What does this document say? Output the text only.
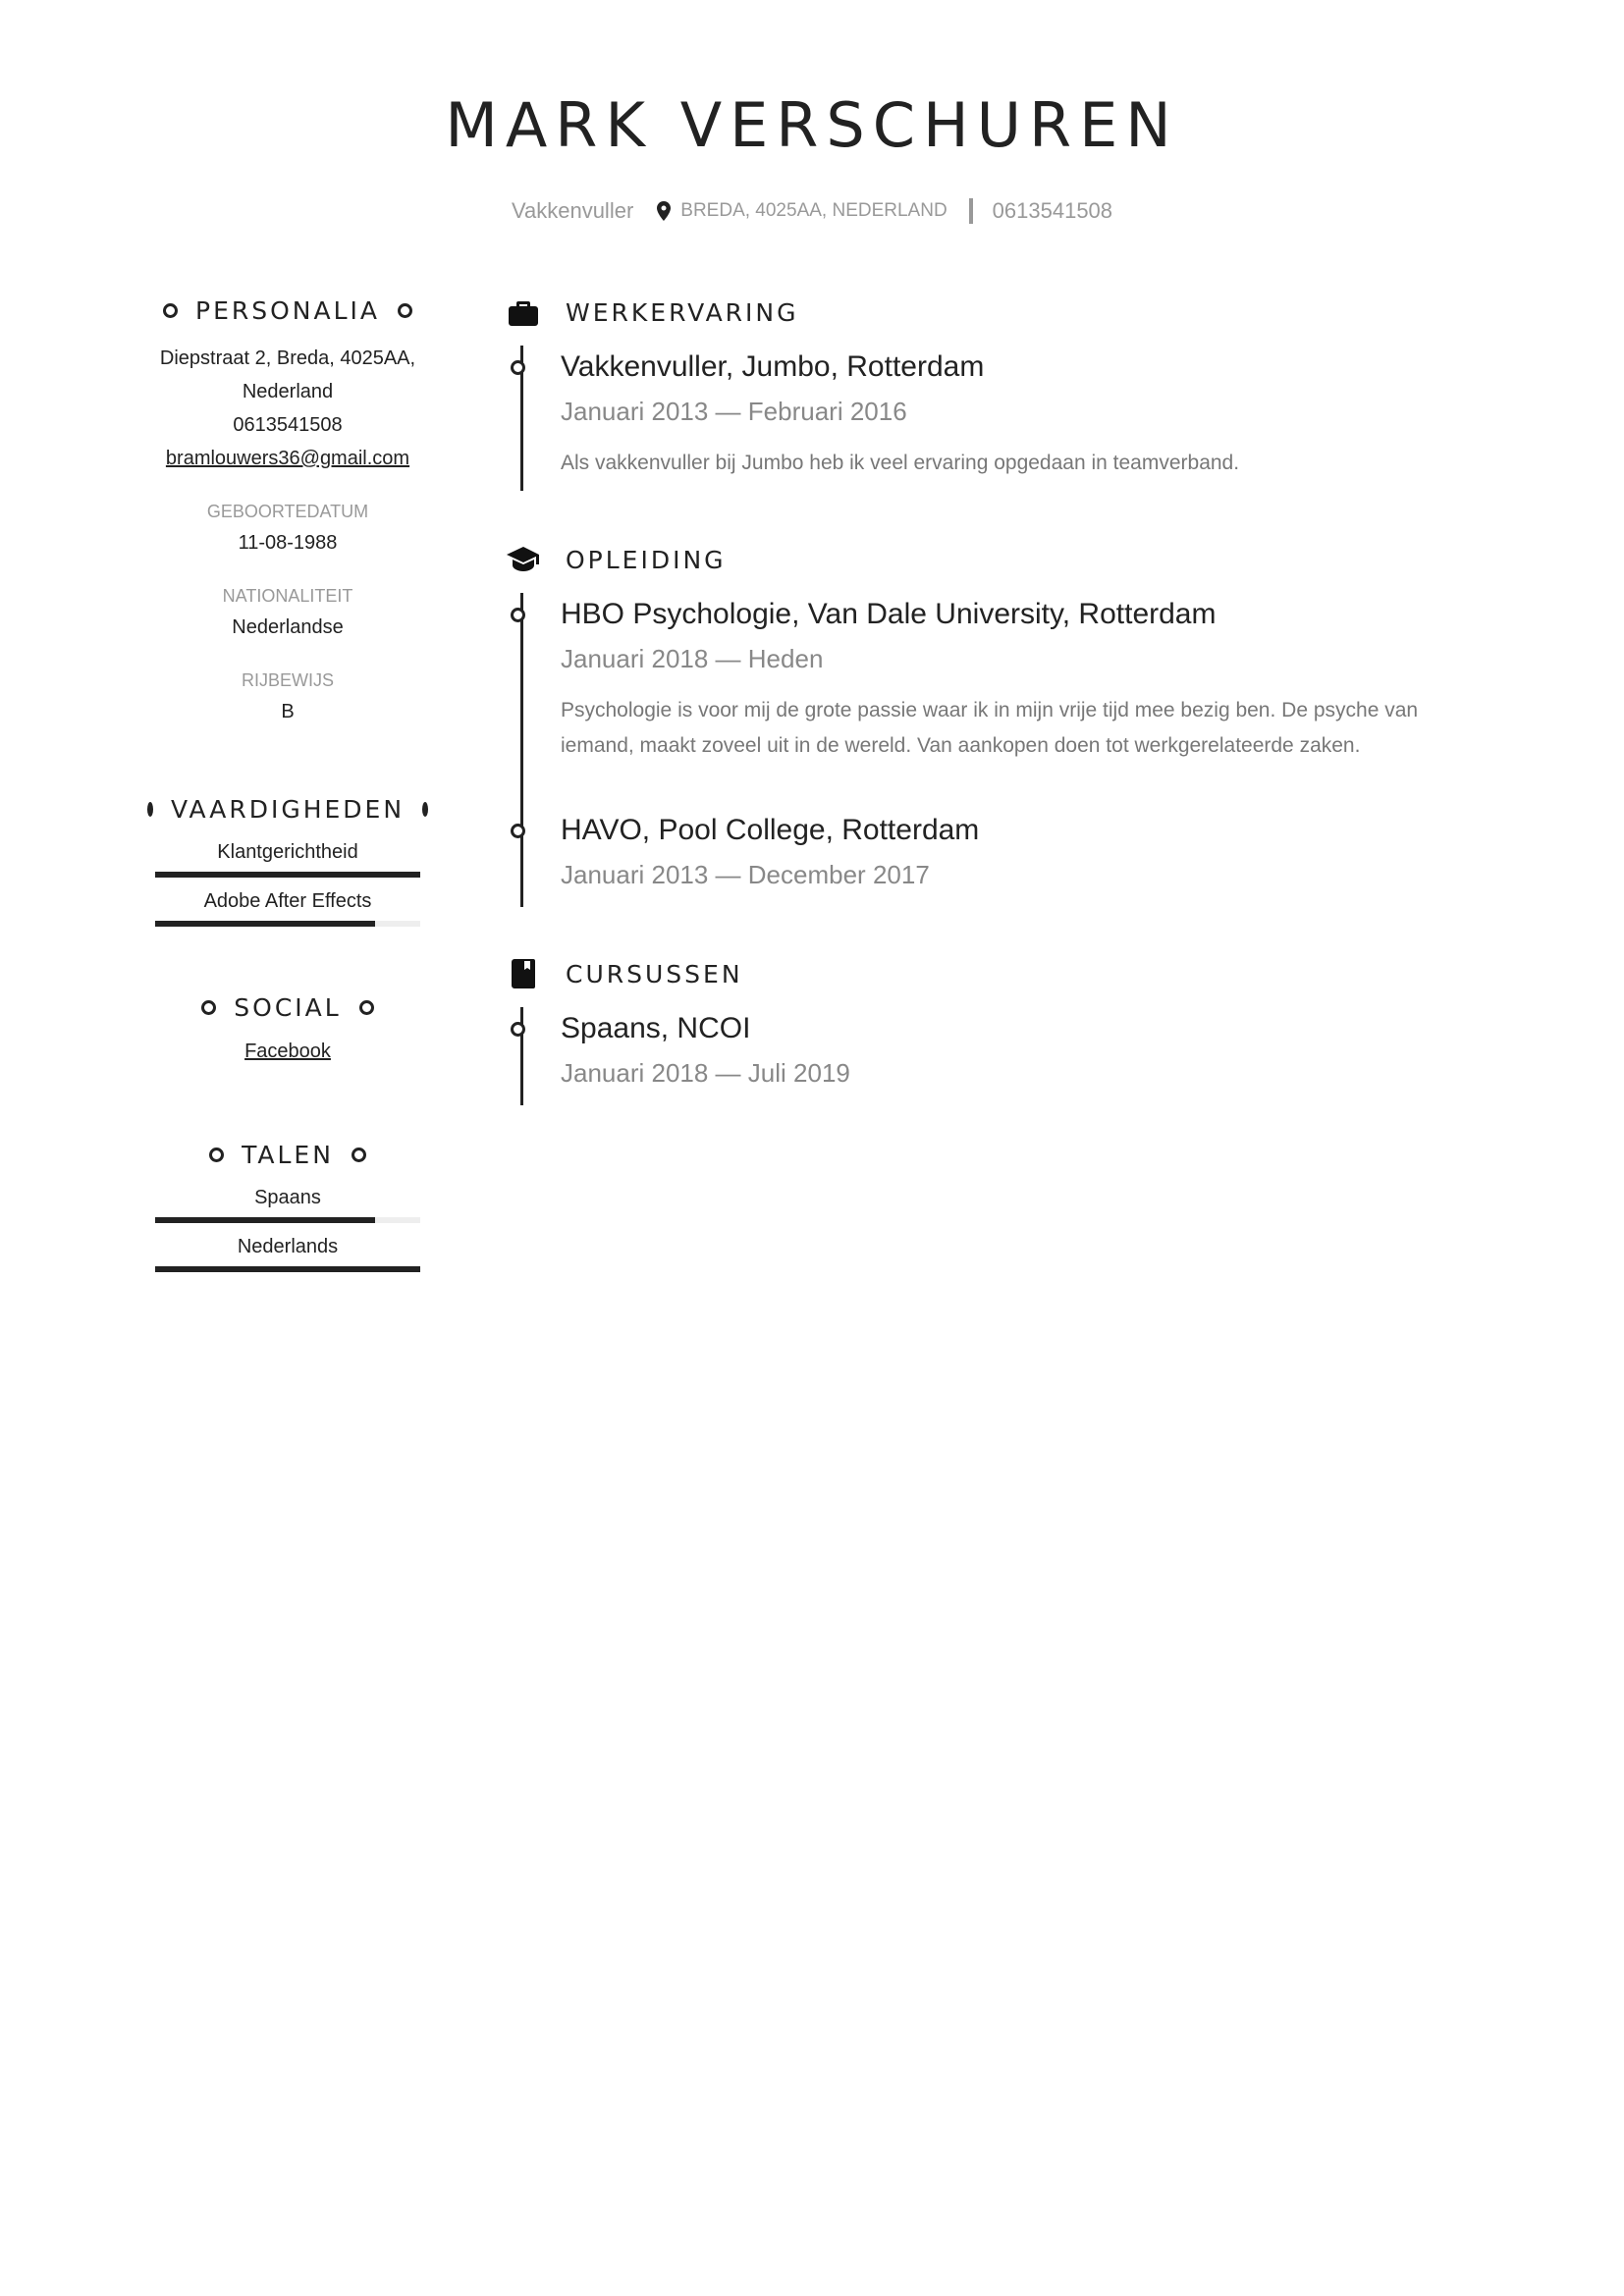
MARK VERSCHUREN
Vakkenvuller	BREDA, 4025AA, NEDERLAND 0613541508
PERSONALIA
Diepstraat 2, Breda, 4025AA,
Nederland
0613541508
bramlouwers36@gmail.com
GEBOORTEDATUM
11-08-1988
NATIONALITEIT
Nederlandse
RIJBEWIJS
B
VAARDIGHEDEN
Klantgerichtheid
Adobe After Effects
SOCIAL
Facebook
TALEN
Spaans
Nederlands
WERKERVARING
Vakkenvuller, Jumbo, Rotterdam
Januari 2013 — Februari 2016
Als vakkenvuller bij Jumbo heb ik veel ervaring opgedaan in teamverband.
OPLEIDING
HBO Psychologie, Van Dale University, Rotterdam
Januari 2018 — Heden
Psychologie is voor mij de grote passie waar ik in mijn vrije tijd mee bezig ben. De psyche van iemand, maakt zoveel uit in de wereld. Van aankopen doen tot werkgerelateerde zaken.
HAVO, Pool College, Rotterdam
Januari 2013 — December 2017
CURSUSSEN
Spaans, NCOI
Januari 2018 — Juli 2019
